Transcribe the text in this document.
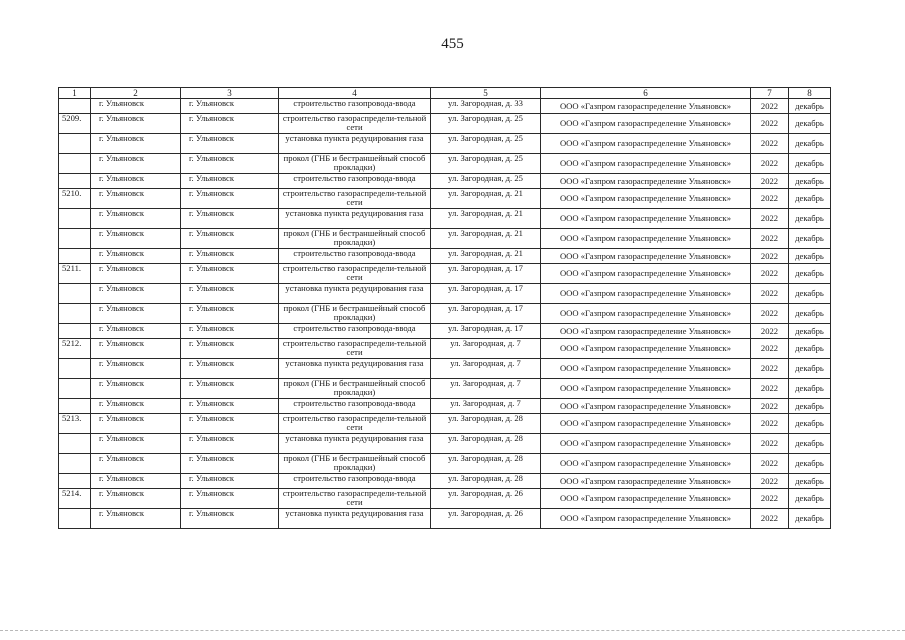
455
1	2	3	4	5	6	7	8
	г. Ульяновск	г. Ульяновск	строительство газопровода-ввода	ул. Загородная, д. 33	ООО «Газпром газораспределение Ульяновск»	2022	декабрь
5209.	г. Ульяновск	г. Ульяновск	строительство газораспредели-тельной сети	ул. Загородная, д. 25	ООО «Газпром газораспределение Ульяновск»	2022	декабрь
	г. Ульяновск	г. Ульяновск	установка пункта редуцирования газа	ул. Загородная, д. 25	ООО «Газпром газораспределение Ульяновск»	2022	декабрь
	г. Ульяновск	г. Ульяновск	прокол (ГНБ и бестраншейный способ прокладки)	ул. Загородная, д. 25	ООО «Газпром газораспределение Ульяновск»	2022	декабрь
	г. Ульяновск	г. Ульяновск	строительство газопровода-ввода	ул. Загородная, д. 25	ООО «Газпром газораспределение Ульяновск»	2022	декабрь
5210.	г. Ульяновск	г. Ульяновск	строительство газораспредели-тельной сети	ул. Загородная, д. 21	ООО «Газпром газораспределение Ульяновск»	2022	декабрь
	г. Ульяновск	г. Ульяновск	установка пункта редуцирования газа	ул. Загородная, д. 21	ООО «Газпром газораспределение Ульяновск»	2022	декабрь
	г. Ульяновск	г. Ульяновск	прокол (ГНБ и бестраншейный способ прокладки)	ул. Загородная, д. 21	ООО «Газпром газораспределение Ульяновск»	2022	декабрь
	г. Ульяновск	г. Ульяновск	строительство газопровода-ввода	ул. Загородная, д. 21	ООО «Газпром газораспределение Ульяновск»	2022	декабрь
5211.	г. Ульяновск	г. Ульяновск	строительство газораспредели-тельной сети	ул. Загородная, д. 17	ООО «Газпром газораспределение Ульяновск»	2022	декабрь
	г. Ульяновск	г. Ульяновск	установка пункта редуцирования газа	ул. Загородная, д. 17	ООО «Газпром газораспределение Ульяновск»	2022	декабрь
	г. Ульяновск	г. Ульяновск	прокол (ГНБ и бестраншейный способ прокладки)	ул. Загородная, д. 17	ООО «Газпром газораспределение Ульяновск»	2022	декабрь
	г. Ульяновск	г. Ульяновск	строительство газопровода-ввода	ул. Загородная, д. 17	ООО «Газпром газораспределение Ульяновск»	2022	декабрь
5212.	г. Ульяновск	г. Ульяновск	строительство газораспредели-тельной сети	ул. Загородная, д. 7	ООО «Газпром газораспределение Ульяновск»	2022	декабрь
	г. Ульяновск	г. Ульяновск	установка пункта редуцирования газа	ул. Загородная, д. 7	ООО «Газпром газораспределение Ульяновск»	2022	декабрь
	г. Ульяновск	г. Ульяновск	прокол (ГНБ и бестраншейный способ прокладки)	ул. Загородная, д. 7	ООО «Газпром газораспределение Ульяновск»	2022	декабрь
	г. Ульяновск	г. Ульяновск	строительство газопровода-ввода	ул. Загородная, д. 7	ООО «Газпром газораспределение Ульяновск»	2022	декабрь
5213.	г. Ульяновск	г. Ульяновск	строительство газораспредели-тельной сети	ул. Загородная, д. 28	ООО «Газпром газораспределение Ульяновск»	2022	декабрь
	г. Ульяновск	г. Ульяновск	установка пункта редуцирования газа	ул. Загородная, д. 28	ООО «Газпром газораспределение Ульяновск»	2022	декабрь
	г. Ульяновск	г. Ульяновск	прокол (ГНБ и бестраншейный способ прокладки)	ул. Загородная, д. 28	ООО «Газпром газораспределение Ульяновск»	2022	декабрь
	г. Ульяновск	г. Ульяновск	строительство газопровода-ввода	ул. Загородная, д. 28	ООО «Газпром газораспределение Ульяновск»	2022	декабрь
5214.	г. Ульяновск	г. Ульяновск	строительство газораспредели-тельной сети	ул. Загородная, д. 26	ООО «Газпром газораспределение Ульяновск»	2022	декабрь
	г. Ульяновск	г. Ульяновск	установка пункта редуцирования газа	ул. Загородная, д. 26	ООО «Газпром газораспределение Ульяновск»	2022	декабрь
